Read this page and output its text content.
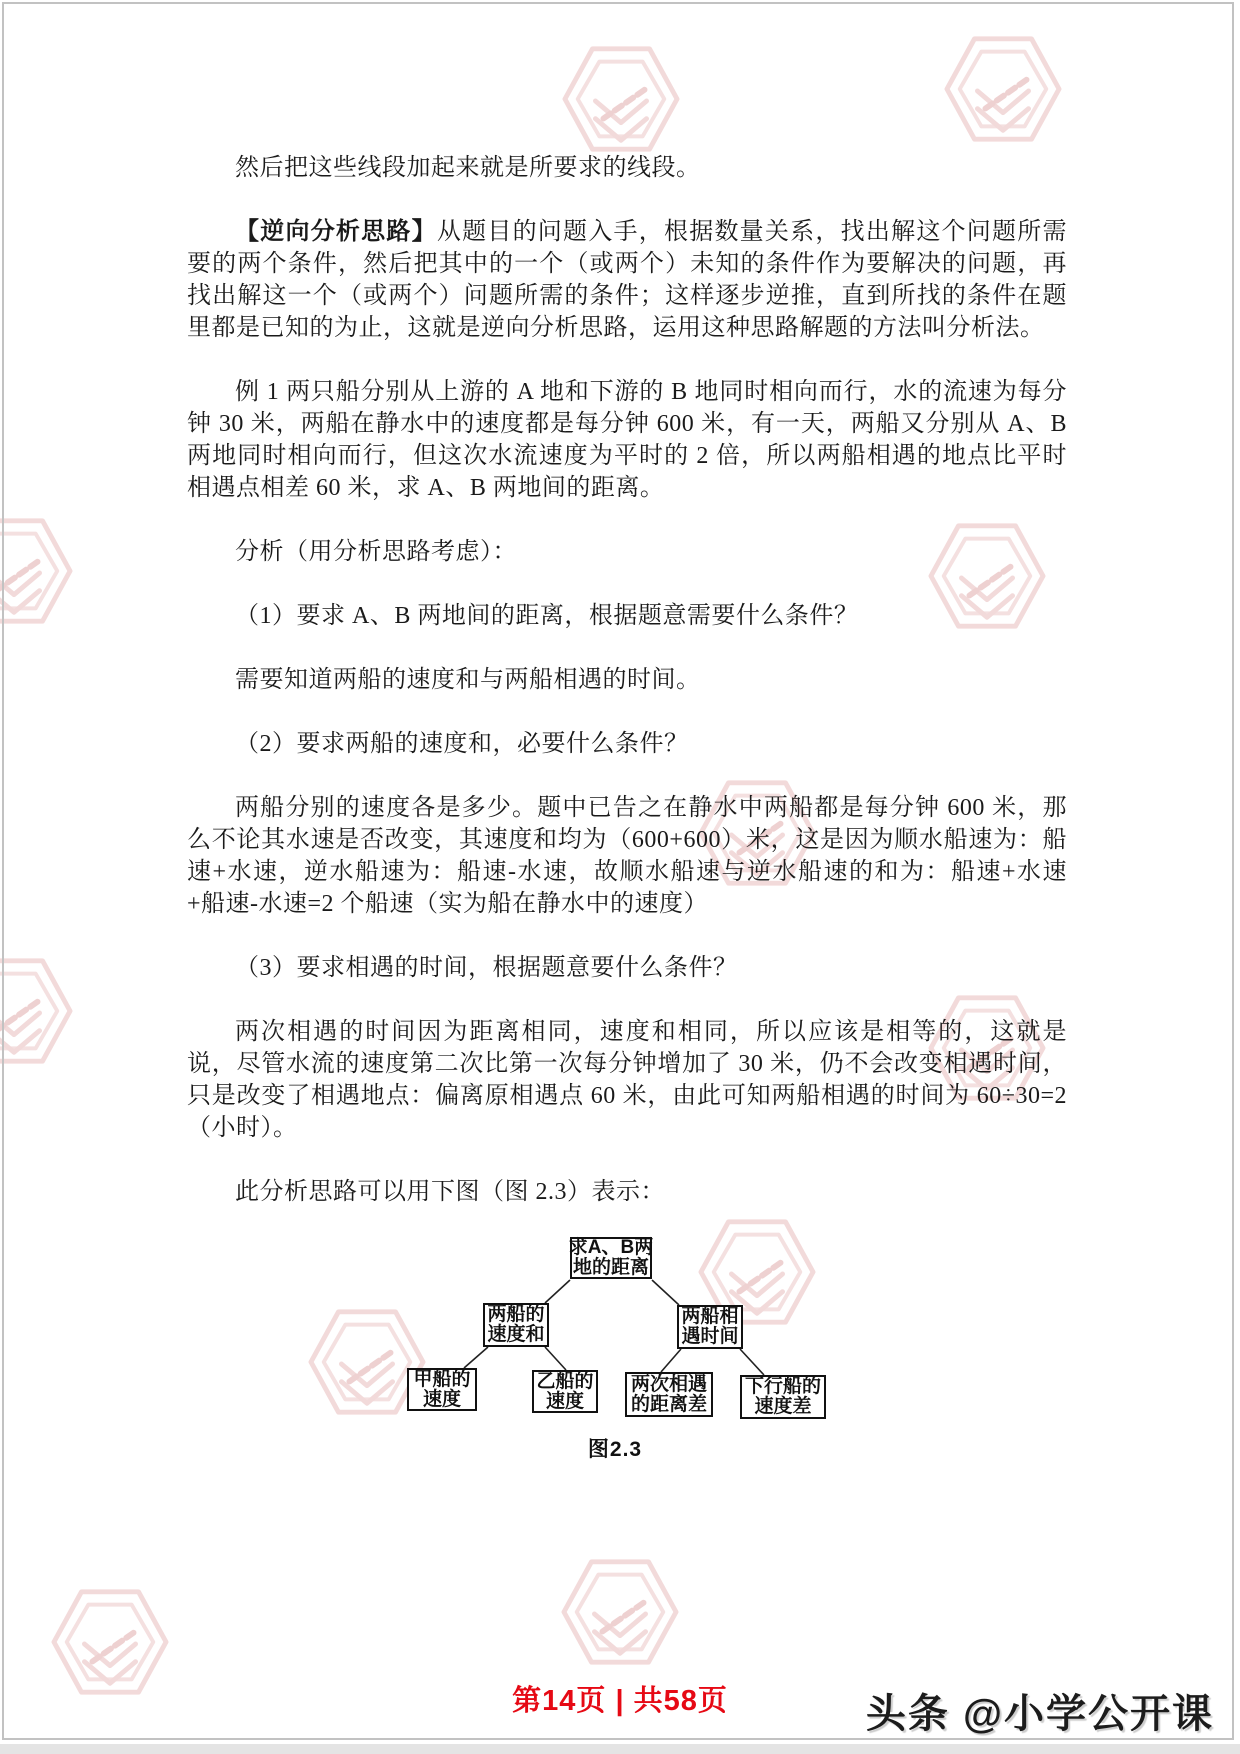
然后把这些线段加起来就是所要求的线段。

【逆向分析思路】从题目的问题入手，根据数量关系，找出解这个问题所需要的两个条件，然后把其中的一个（或两个）未知的条件作为要解决的问题，再找出解这一个（或两个）问题所需的条件；这样逐步逆推，直到所找的条件在题里都是已知的为止，这就是逆向分析思路，运用这种思路解题的方法叫分析法。

例 1 两只船分别从上游的 A 地和下游的 B 地同时相向而行，水的流速为每分钟 30 米，两船在静水中的速度都是每分钟 600 米，有一天，两船又分别从 A、B 两地同时相向而行，但这次水流速度为平时的 2 倍，所以两船相遇的地点比平时相遇点相差 60 米，求 A、B 两地间的距离。

分析（用分析思路考虑）：

（1）要求 A、B 两地间的距离，根据题意需要什么条件？

需要知道两船的速度和与两船相遇的时间。

（2）要求两船的速度和，必要什么条件？

两船分别的速度各是多少。题中已告之在静水中两船都是每分钟 600 米，那么不论其水速是否改变，其速度和均为（600+600）米，这是因为顺水船速为：船速+水速，逆水船速为：船速-水速，故顺水船速与逆水船速的和为：船速+水速+船速-水速=2 个船速（实为船在静水中的速度）

（3）要求相遇的时间，根据题意要什么条件？

两次相遇的时间因为距离相同，速度和相同，所以应该是相等的，这就是说，尽管水流的速度第二次比第一次每分钟增加了 30 米，仍不会改变相遇时间，只是改变了相遇地点：偏离原相遇点 60 米，由此可知两船相遇的时间为 60÷30=2（小时）。

此分析思路可以用下图（图 2.3）表示：

求A、B两
地的距离
两船的
速度和
两船相
遇时间
甲船的
速度
乙船的
速度
两次相遇
的距离差
下行船的
速度差
图2.3
第14页 | 共58页	头条 @小学公开课
